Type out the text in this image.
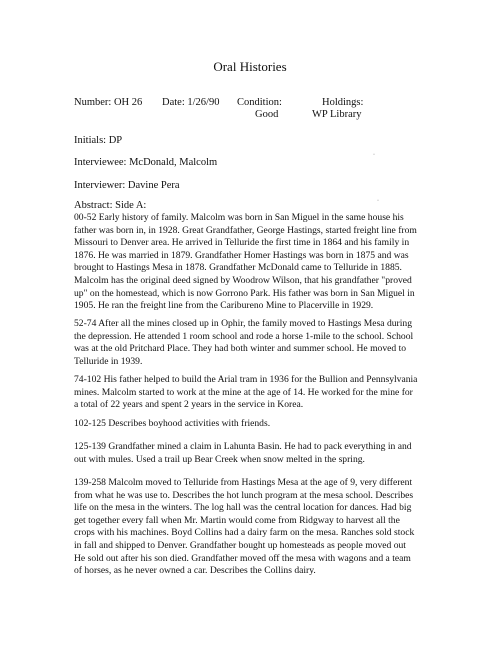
Oral Histories
Number: OH 26 Date: 1/26/90 Condition:
Good
Holdings:
WP Library
Initials: DP
Interviewee: McDonald, Malcolm
Interviewer: Davine Pera
Abstract: Side A:
00-52 Early history of family. Malcolm was born in San Miguel in the same house his
father was born in, in 1928. Great Grandfather, George Hastings, started freight line from
Missouri to Denver area. He arrived in Telluride the first time in 1864 and his family in
1876. He was married in 1879. Grandfather Homer Hastings was born in 1875 and was
brought to Hastings Mesa in 1878. Grandfather McDonald came to Telluride in 1885.
Malcolm has the original deed signed by Woodrow Wilson, that his grandfather "proved
up" on the homestead, which is now Gorrono Park. His father was born in San Miguel in
1905. He ran the freight line from the Caribureno Mine to Placerville in 1929.
52-74 After all the mines closed up in Ophir, the family moved to Hastings Mesa during
the depression. He attended 1 room school and rode a horse 1-mile to the school. School
was at the old Pritchard Place. They had both winter and summer school. He moved to
Telluride in 1939.
74-102 His father helped to build the Arial tram in 1936 for the Bullion and Pennsylvania
mines. Malcolm started to work at the mine at the age of 14. He worked for the mine for
a total of 22 years and spent 2 years in the service in Korea.
102-125 Describes boyhood activities with friends.
125-139 Grandfather mined a claim in Lahunta Basin. He had to pack everything in and
out with mules. Used a trail up Bear Creek when snow melted in the spring.
139-258 Malcolm moved to Telluride from Hastings Mesa at the age of 9, very different
from what he was use to. Describes the hot lunch program at the mesa school. Describes
life on the mesa in the winters. The log hall was the central location for dances. Had big
get together every fall when Mr. Martin would come from Ridgway to harvest all the
crops with his machines. Boyd Collins had a dairy farm on the mesa. Ranches sold stock
in fall and shipped to Denver. Grandfather bought up homesteads as people moved out
He sold out after his son died. Grandfather moved off the mesa with wagons and a team
of horses, as he never owned a car. Describes the Collins dairy.
·
·
